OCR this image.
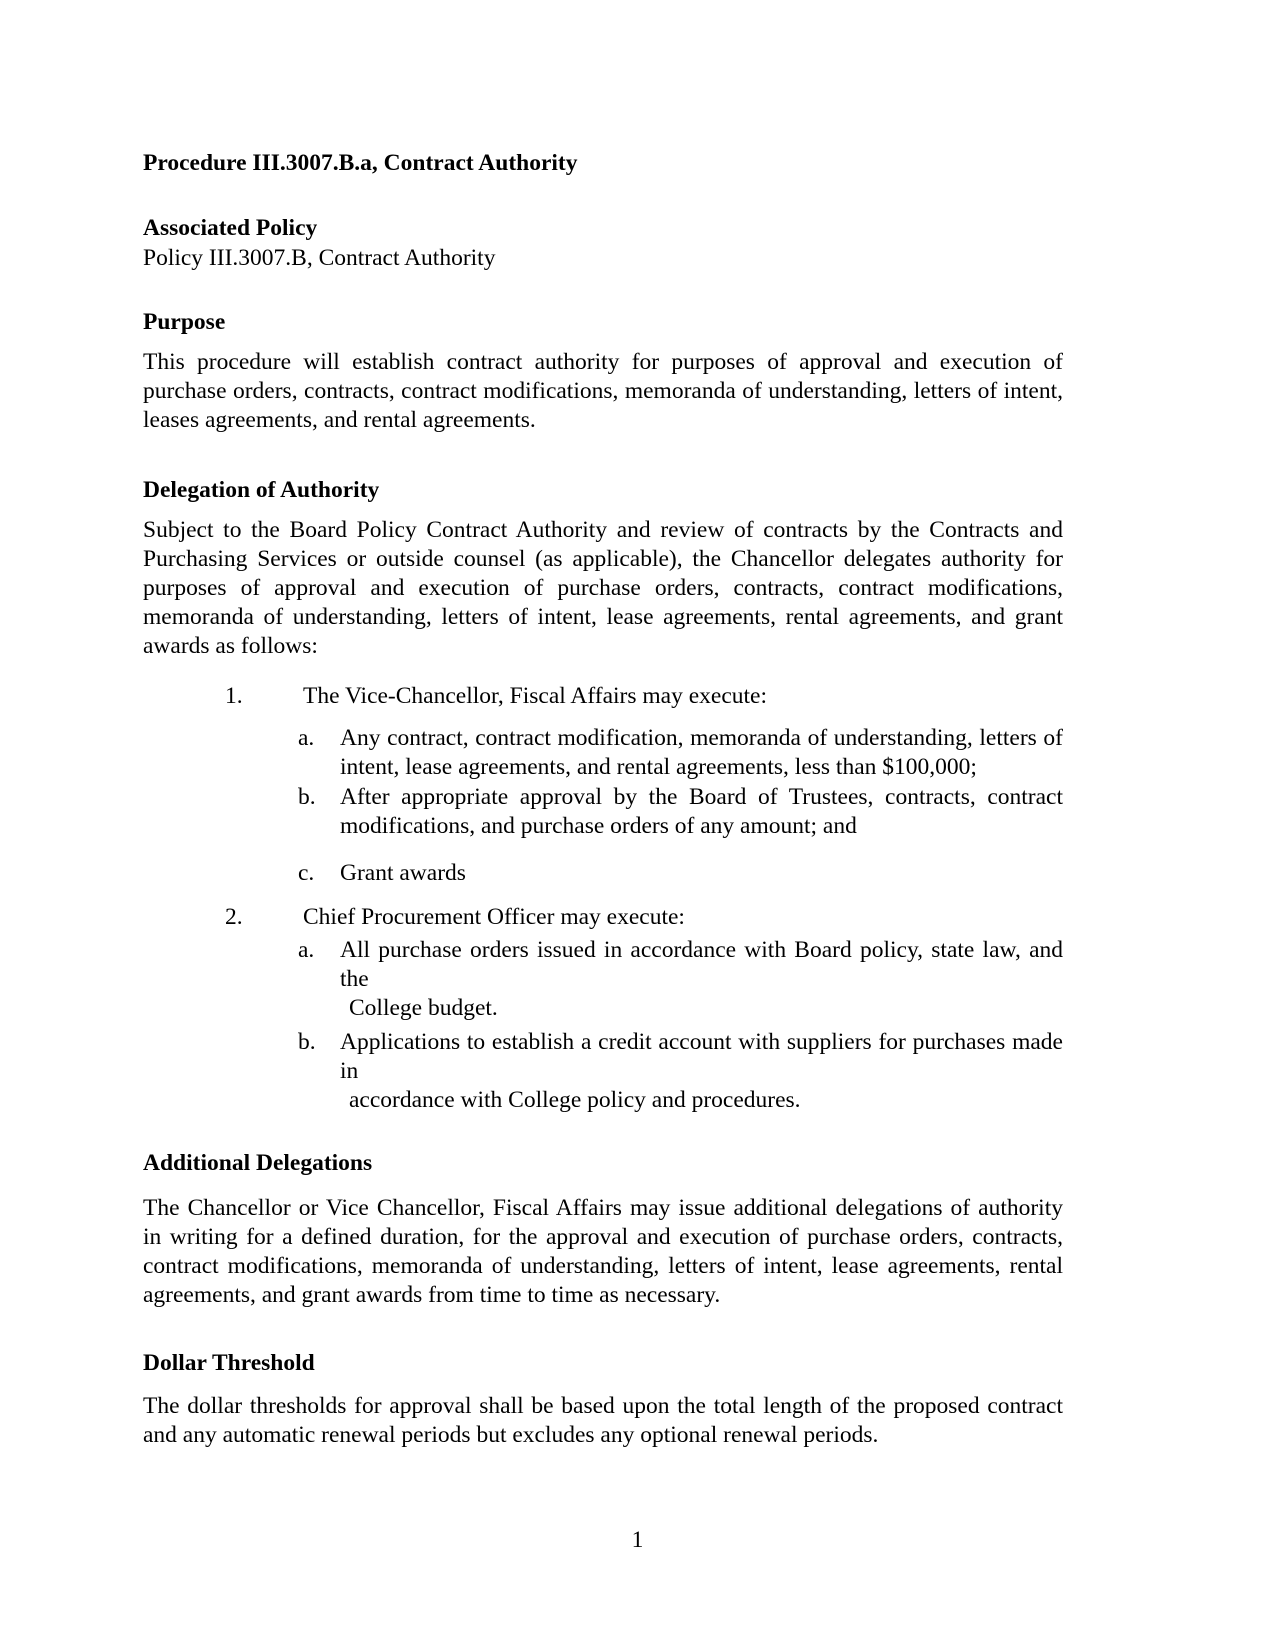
Procedure III.3007.B.a, Contract Authority
Associated Policy

Policy III.3007.B, Contract Authority

Purpose
This procedure will establish contract authority for purposes of approval and execution of
purchase orders, contracts, contract modifications, memoranda of understanding, letters of intent,
leases agreements, and rental agreements.
Delegation of Authority
Subject to the Board Policy Contract Authority and review of contracts by the Contracts and
Purchasing Services or outside counsel (as applicable), the Chancellor delegates authority for
purposes of approval and execution of purchase orders, contracts, contract modifications,
memoranda of understanding, letters of intent, lease agreements, rental agreements, and grant
awards as follows:
1.	The Vice-Chancellor, Fiscal Affairs may execute:
a. Any contract, contract modification, memoranda of understanding, letters of
intent, lease agreements, and rental agreements, less than $100,000;
b. After appropriate approval by the Board of Trustees, contracts, contract
modifications, and purchase orders of any amount; and
c. Grant awards
2.	Chief Procurement Officer may execute:
a. All purchase orders issued in accordance with Board policy, state law, and the
College budget.
b. Applications to establish a credit account with suppliers for purchases made in
accordance with College policy and procedures.
Additional Delegations
The Chancellor or Vice Chancellor, Fiscal Affairs may issue additional delegations of authority
in writing for a defined duration, for the approval and execution of purchase orders, contracts,
contract modifications, memoranda of understanding, letters of intent, lease agreements, rental
agreements, and grant awards from time to time as necessary.
Dollar Threshold
The dollar thresholds for approval shall be based upon the total length of the proposed contract
and any automatic renewal periods but excludes any optional renewal periods.
1
